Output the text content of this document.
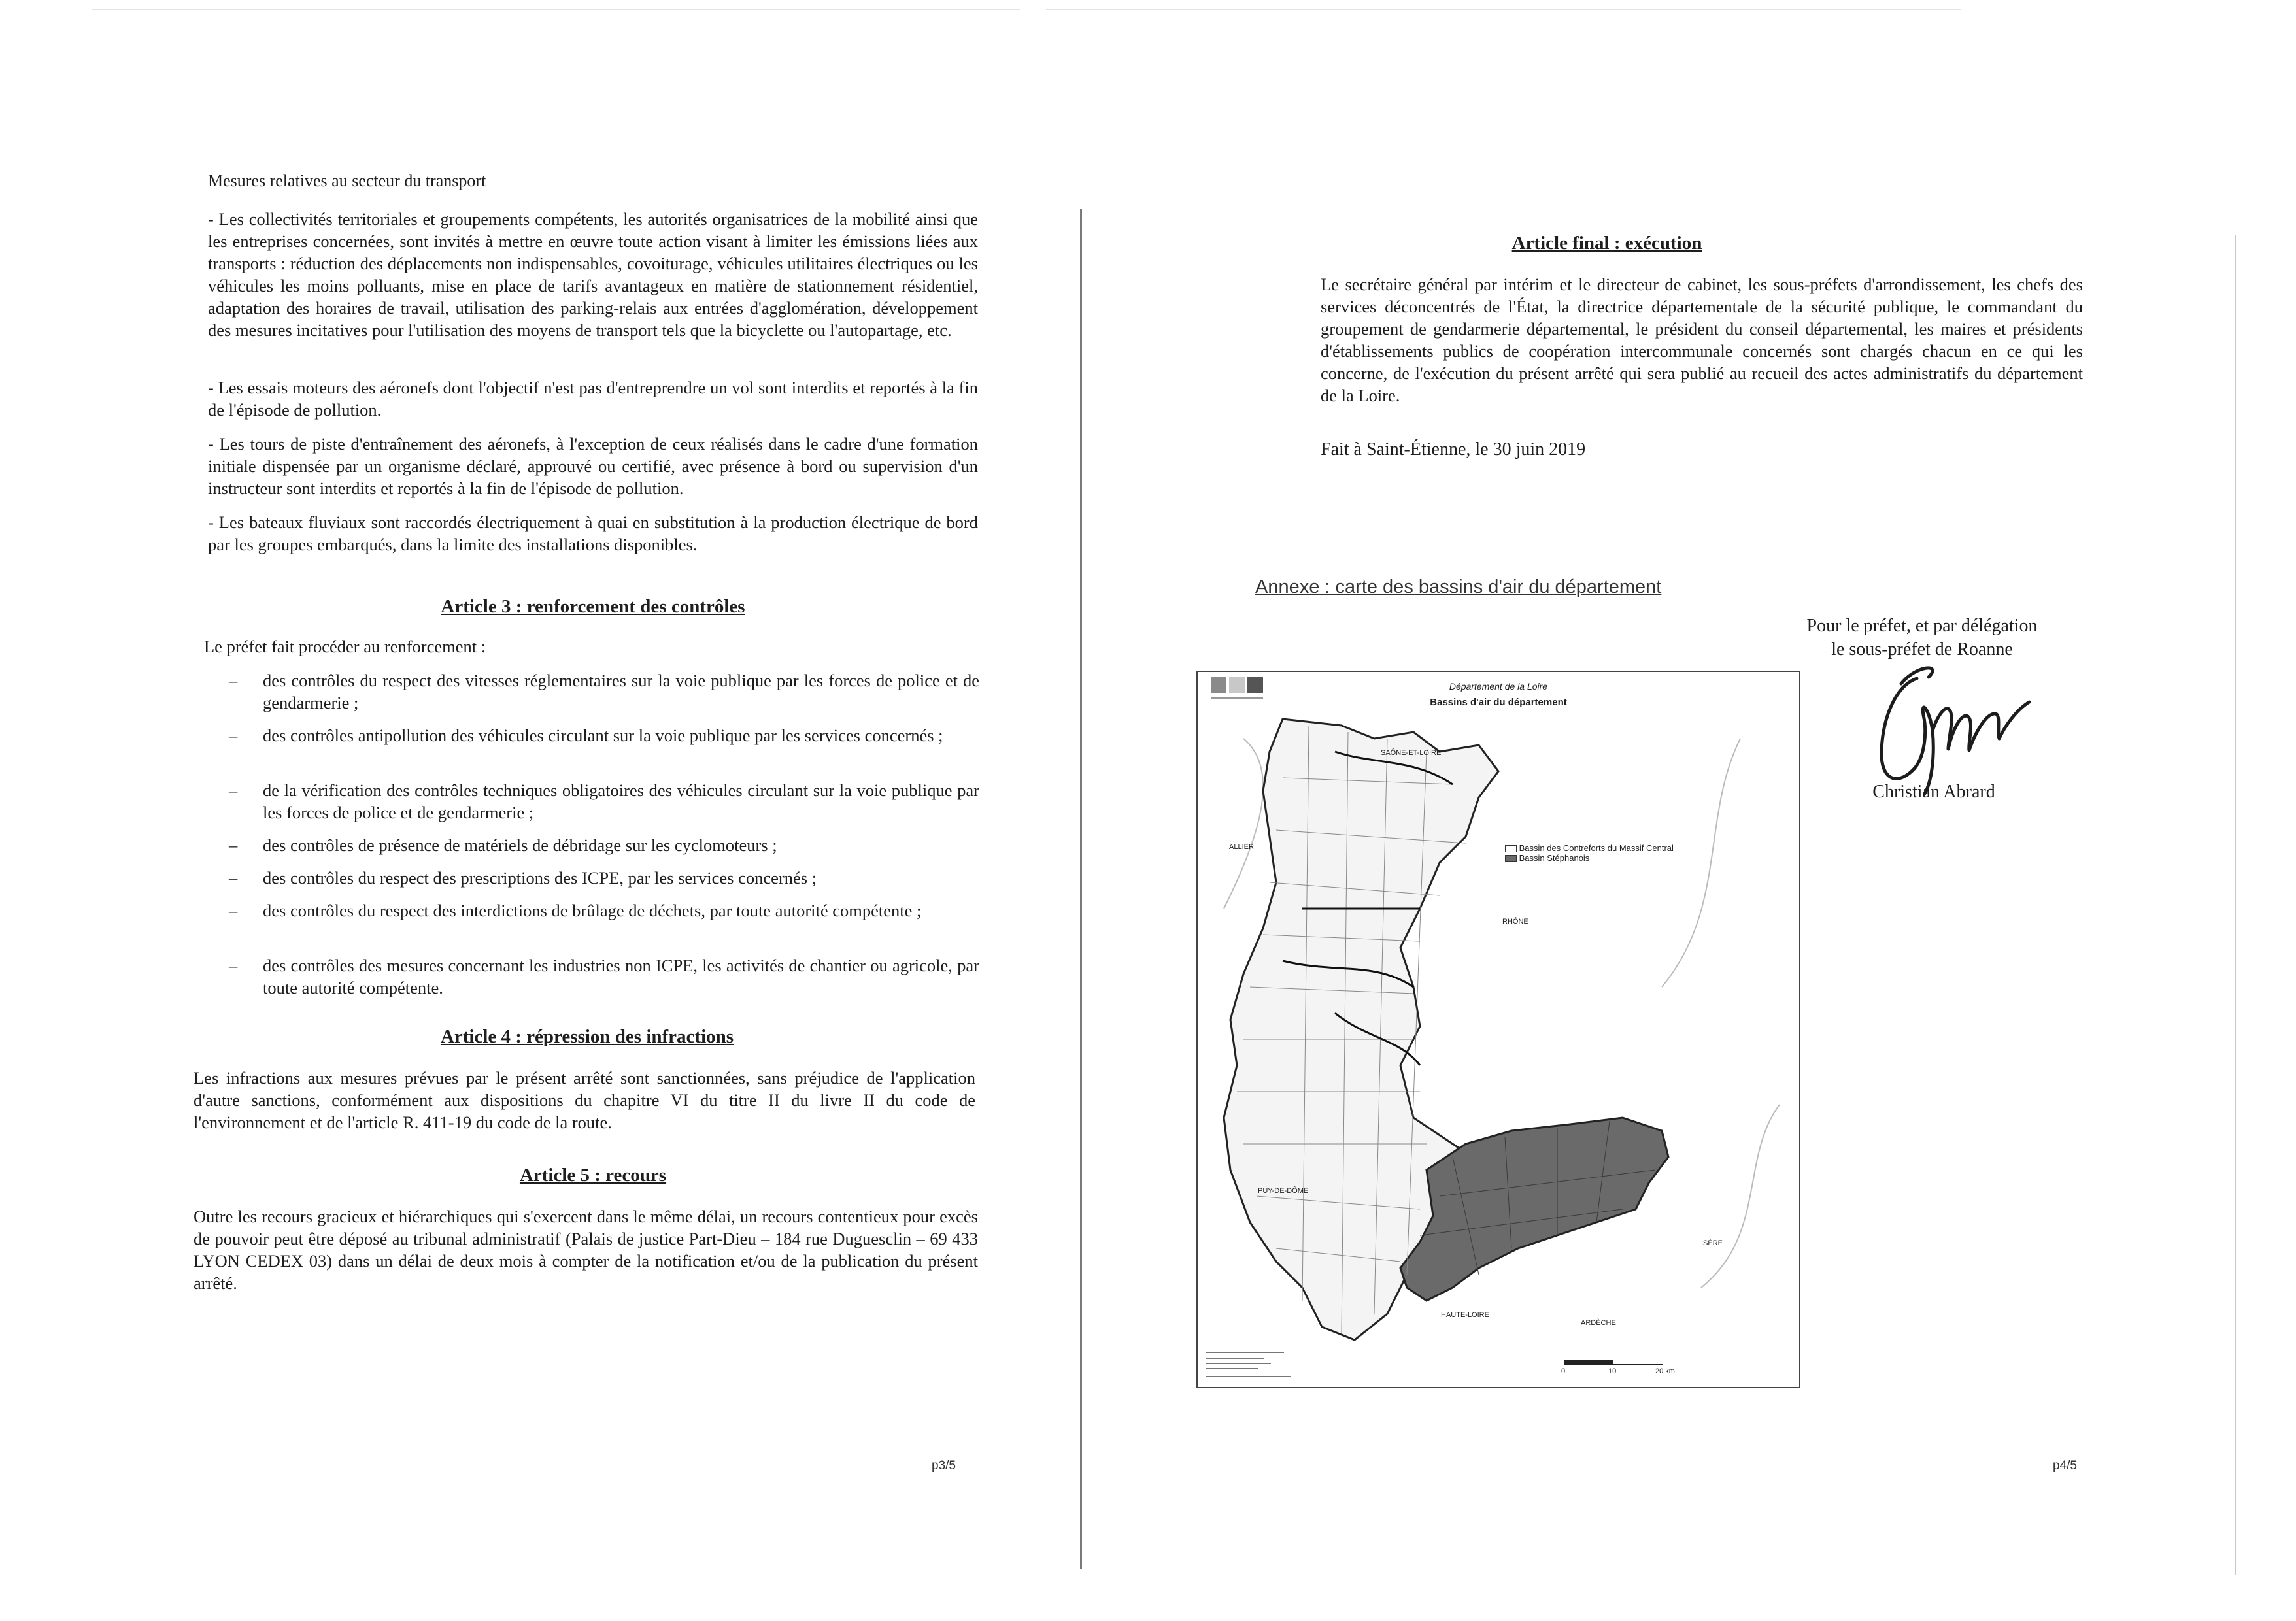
Mesures relatives au secteur du transport
- Les collectivités territoriales et groupements compétents, les autorités organisatrices de la mobilité ainsi que les entreprises concernées, sont invités à mettre en œuvre toute action visant à limiter les émissions liées aux transports : réduction des déplacements non indispensables, covoiturage, véhicules utilitaires électriques ou les véhicules les moins polluants, mise en place de tarifs avantageux en matière de stationnement résidentiel, adaptation des horaires de travail, utilisation des parking-relais aux entrées d'agglomération, développement des mesures incitatives pour l'utilisation des moyens de transport tels que la bicyclette ou l'autopartage, etc.
- Les essais moteurs des aéronefs dont l'objectif n'est pas d'entreprendre un vol sont interdits et reportés à la fin de l'épisode de pollution.
- Les tours de piste d'entraînement des aéronefs, à l'exception de ceux réalisés dans le cadre d'une formation initiale dispensée par un organisme déclaré, approuvé ou certifié, avec présence à bord ou supervision d'un instructeur sont interdits et reportés à la fin de l'épisode de pollution.
- Les bateaux fluviaux sont raccordés électriquement à quai en substitution à la production électrique de bord par les groupes embarqués, dans la limite des installations disponibles.
Article 3 : renforcement des contrôles
Le préfet fait procéder au renforcement :
– des contrôles du respect des vitesses réglementaires sur la voie publique par les forces de police et de gendarmerie ;
– des contrôles antipollution des véhicules circulant sur la voie publique par les services concernés ;
– de la vérification des contrôles techniques obligatoires des véhicules circulant sur la voie publique par les forces de police et de gendarmerie ;
– des contrôles de présence de matériels de débridage sur les cyclomoteurs ;
– des contrôles du respect des prescriptions des ICPE, par les services concernés ;
– des contrôles du respect des interdictions de brûlage de déchets, par toute autorité compétente ;
– des contrôles des mesures concernant les industries non ICPE, les activités de chantier ou agricole, par toute autorité compétente.
Article 4 : répression des infractions
Les infractions aux mesures prévues par le présent arrêté sont sanctionnées, sans préjudice de l'application d'autre sanctions, conformément aux dispositions du chapitre VI du titre II du livre II du code de l'environnement et de l'article R. 411-19 du code de la route.
Article 5 : recours
Outre les recours gracieux et hiérarchiques qui s'exercent dans le même délai, un recours contentieux pour excès de pouvoir peut être déposé au tribunal administratif (Palais de justice Part-Dieu – 184 rue Duguesclin – 69 433 LYON CEDEX 03) dans un délai de deux mois à compter de la notification et/ou de la publication du présent arrêté.
p3/5
Article final : exécution
Le secrétaire général par intérim et le directeur de cabinet, les sous-préfets d'arrondissement, les chefs des services déconcentrés de l'État, la directrice départementale de la sécurité publique, le commandant du groupement de gendarmerie départemental, le président du conseil départemental, les maires et présidents d'établissements publics de coopération intercommunale concernés sont chargés chacun en ce qui les concerne, de l'exécution du présent arrêté qui sera publié au recueil des actes administratifs du département de la Loire.
Fait à Saint-Étienne, le 30 juin 2019
Annexe : carte des bassins d'air du département
Pour le préfet, et par délégation
le sous-préfet de Roanne
Christian Abrard
Département de la Loire
Bassins d'air du département
Bassin des Contreforts du Massif Central
Bassin Stéphanois
SAÔNE-ET-LOIRE
ALLIER
RHÔNE
PUY-DE-DÔME
ISÈRE
HAUTE-LOIRE
ARDÈCHE
0	10	20 km
p4/5
